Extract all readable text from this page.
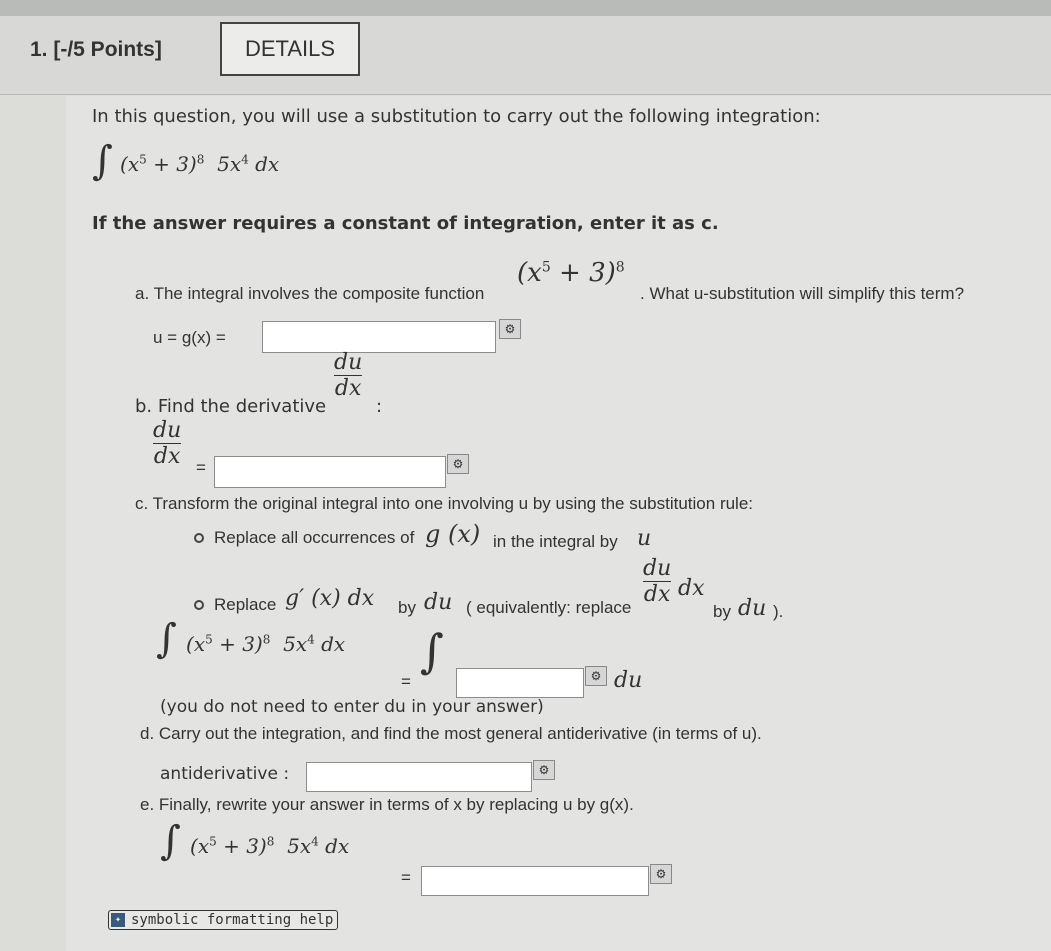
1. [-/5 Points]	DETAILS
In this question, you will use a substitution to carry out the following integration:
∫ $(x^5 + 3)^8$ $5x^4$ dx
If the answer requires a constant of integration, enter it as c.
a. The integral involves the composite function
$(x^5 + 3)^8$
. What u-substitution will simplify this term?
u = g(x) =	⚙
$\frac{du}{dx}$
b. Find the derivative	:
$\frac{du}{dx}$ =	⚙
c. Transform the original integral into one involving u by using the substitution rule:
Replace all occurrences of g (x) in the integral by u
Replace g′ (x) dx by du ( equivalently: replace
$\frac{du}{dx}$ dx
by du ).
∫ $(x^5 + 3)^8$ $5x^4$ dx
=
∫	⚙ du
(you do not need to enter du in your answer)
d. Carry out the integration, and find the most general antiderivative (in terms of u).
antiderivative :	⚙
e. Finally, rewrite your answer in terms of x by replacing u by g(x).
∫ $(x^5 + 3)^8$ $5x^4$ dx
=	⚙
✦ symbolic formatting help
